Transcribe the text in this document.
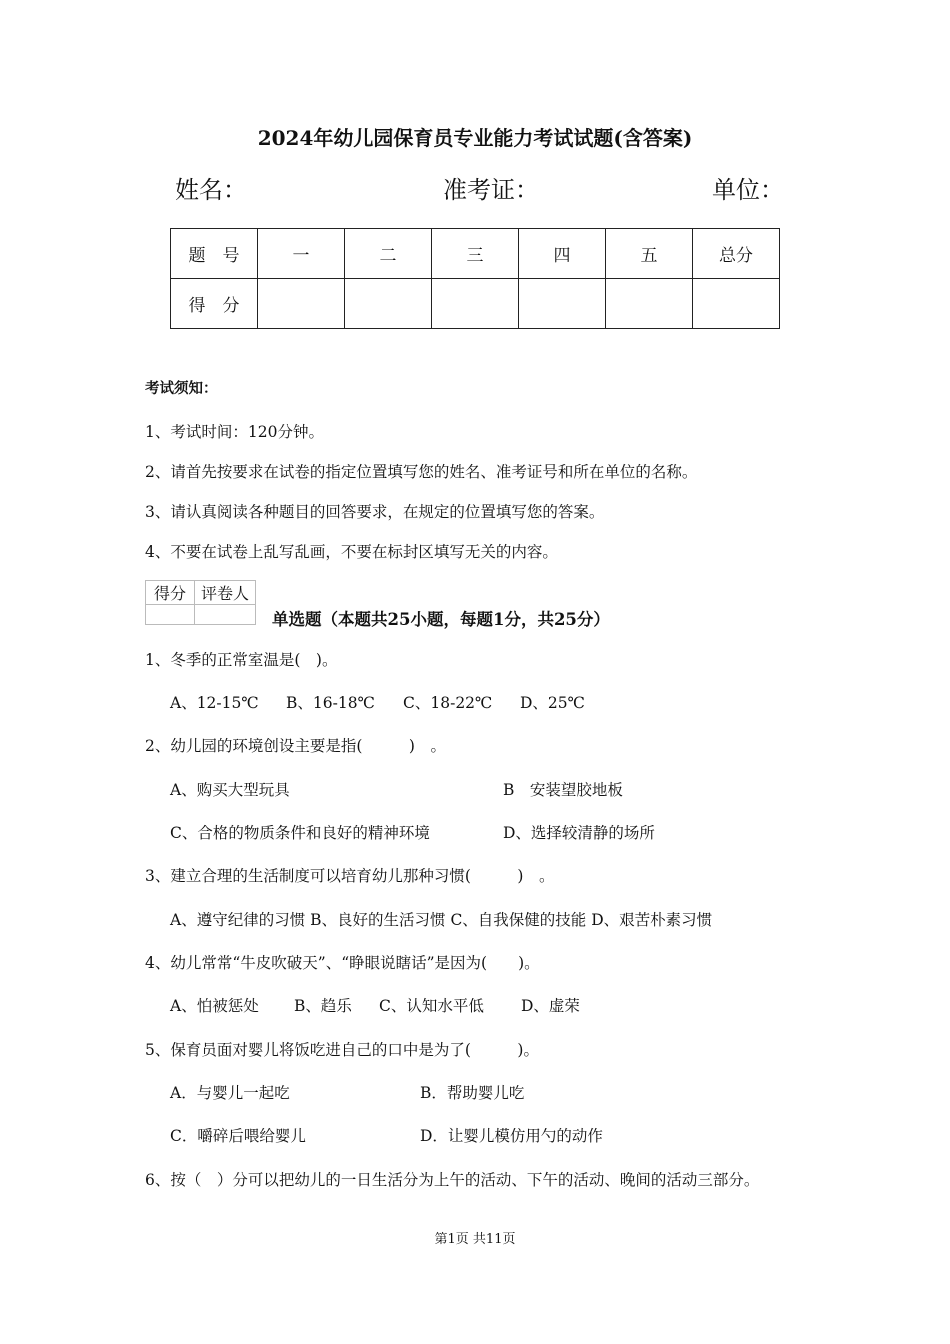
2024年幼儿园保育员专业能力考试试题(含答案)
姓名：	准考证：	单位：
题　号	一	二	三	四	五	总分
得　分						
考试须知：
1、考试时间：120分钟。
2、请首先按要求在试卷的指定位置填写您的姓名、准考证号和所在单位的名称。
3、请认真阅读各种题目的回答要求，在规定的位置填写您的答案。
4、不要在试卷上乱写乱画，不要在标封区填写无关的内容。
得分	评卷人

单选题（本题共25小题，每题1分，共25分）
1、冬季的正常室温是(　)。
A、12-15℃ B、16-18℃ C、18-22℃ D、25℃
2、幼儿园的环境创设主要是指(　　　)　。
A、购买大型玩具	B　安装望胶地板
C、合格的物质条件和良好的精神环境	D、选择较清静的场所
3、建立合理的生活制度可以培育幼儿那种习惯(　　　)　。
A、遵守纪律的习惯 B、良好的生活习惯 C、自我保健的技能 D、艰苦朴素习惯
4、幼儿常常“牛皮吹破天”、“睁眼说瞎话”是因为(　　)。
A、怕被惩处 B、趋乐 C、认知水平低 D、虚荣
5、保育员面对婴儿将饭吃进自己的口中是为了(　　　)。
A．与婴儿一起吃	B．帮助婴儿吃
C．嚼碎后喂给婴儿	D．让婴儿模仿用勺的动作
6、按（　）分可以把幼儿的一日生活分为上午的活动、下午的活动、晚间的活动三部分。
第1页 共11页
